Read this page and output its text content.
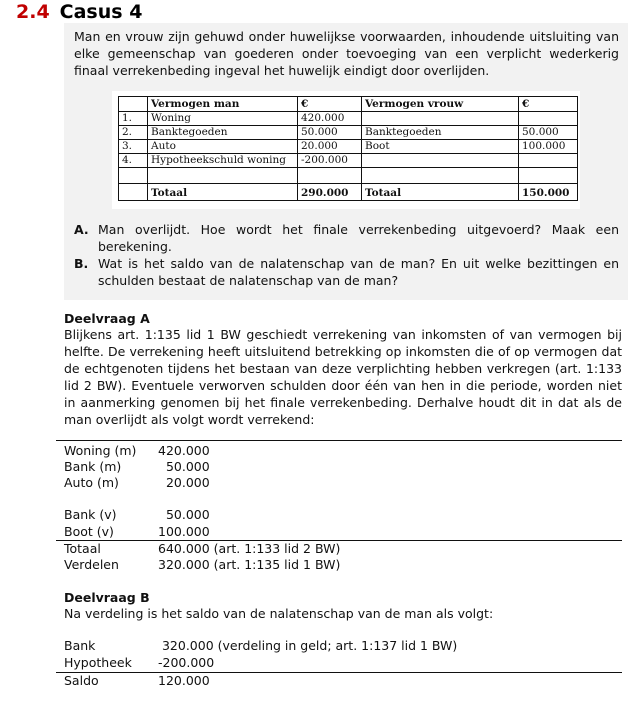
2.4 Casus 4
Man en vrouw zijn gehuwd onder huwelijkse voorwaarden, inhoudende uitsluiting van elke gemeenschap van goederen onder toevoeging van een verplicht wederkerig finaal verrekenbeding ingeval het huwelijk eindigt door overlijden.
	Vermogen man	€	Vermogen vrouw	€
1.	Woning	420.000		
2.	Banktegoeden	50.000	Banktegoeden	50.000
3.	Auto	20.000	Boot	100.000
4.	Hypotheekschuld woning	-200.000		

	Totaal	290.000	Totaal	150.000
A. Man overlijdt. Hoe wordt het finale verrekenbeding uitgevoerd? Maak een berekening.
B. Wat is het saldo van de nalatenschap van de man? En uit welke bezittingen en schulden bestaat de nalatenschap van de man?
Deelvraag A
Blijkens art. 1:135 lid 1 BW geschiedt verrekening van inkomsten of van vermogen bij helfte. De verrekening heeft uitsluitend betrekking op inkomsten die of op vermogen dat de echtgenoten tijdens het bestaan van deze verplichting hebben verkregen (art. 1:133 lid 2 BW). Eventuele verworven schulden door één van hen in die periode, worden niet in aanmerking genomen bij het finale verrekenbeding. Derhalve houdt dit in dat als de man overlijdt als volgt wordt verrekend:
Woning (m) 420.000
Bank (m)	50.000
Auto (m)	20.000
Bank (v)	50.000
Boot (v)	100.000
Totaal	640.000 (art. 1:133 lid 2 BW)
Verdelen	320.000 (art. 1:135 lid 1 BW)
Deelvraag B
Na verdeling is het saldo van de nalatenschap van de man als volgt:
Bank	320.000 (verdeling in geld; art. 1:137 lid 1 BW)
Hypotheek -200.000
Saldo	120.000
